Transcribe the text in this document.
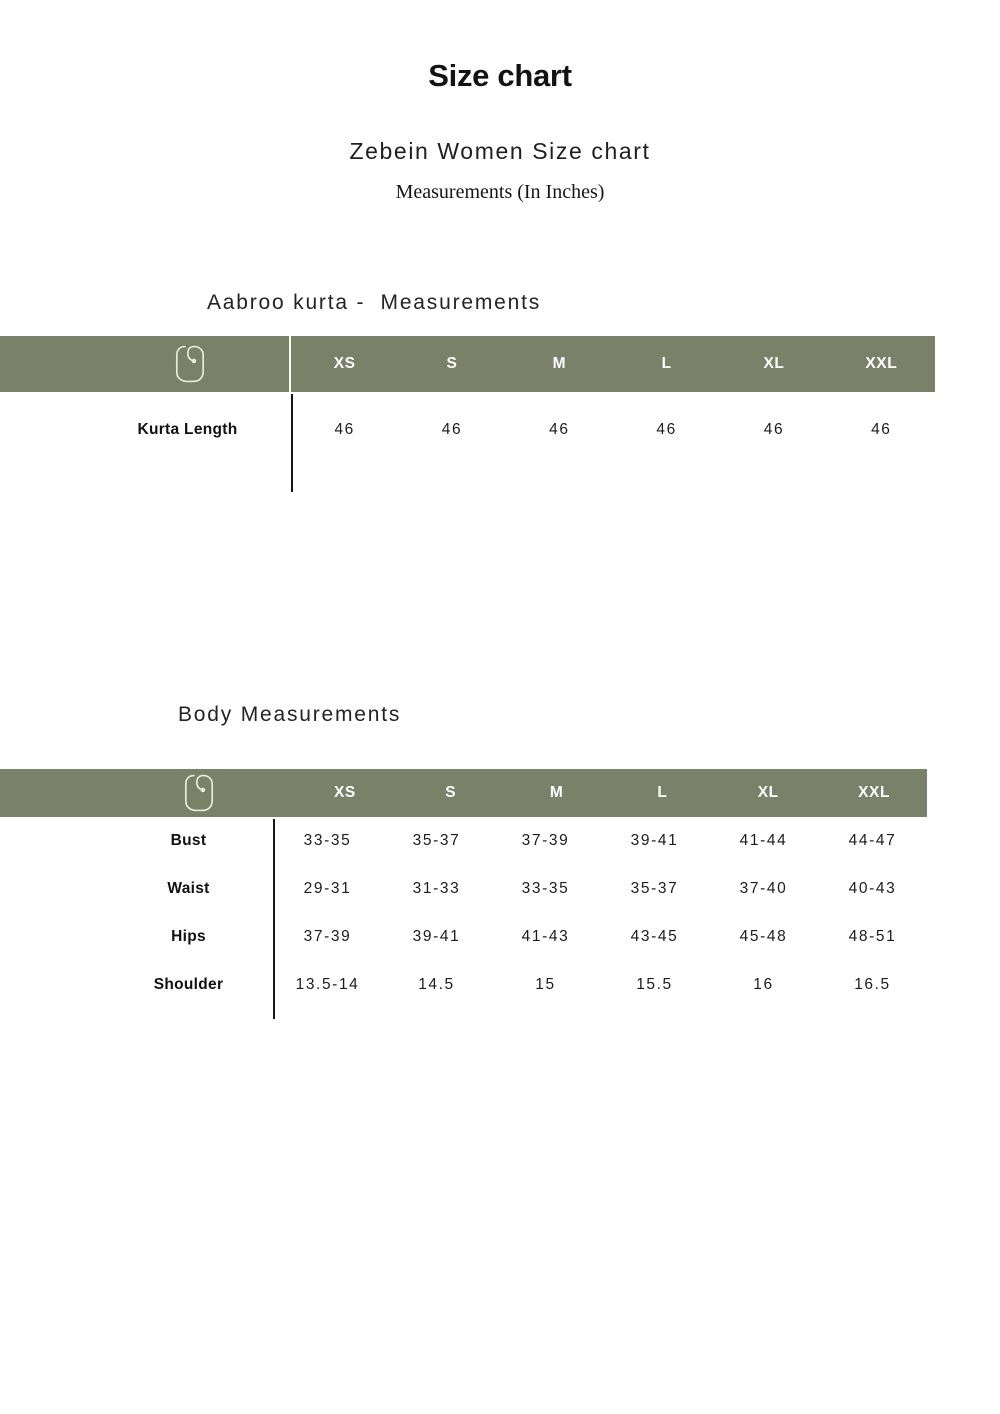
Size chart
Zebein Women Size chart
Measurements (In Inches)
Aabroo kurta -  Measurements
XS	S	M	L	XL	XXL
Kurta Length	46	46	46	46	46	46
Body Measurements
XS	S	M	L	XL	XXL
Bust	33-35	35-37	37-39	39-41	41-44	44-47
Waist	29-31	31-33	33-35	35-37	37-40	40-43
Hips	37-39	39-41	41-43	43-45	45-48	48-51
Shoulder	13.5-14	14.5	15	15.5	16	16.5
